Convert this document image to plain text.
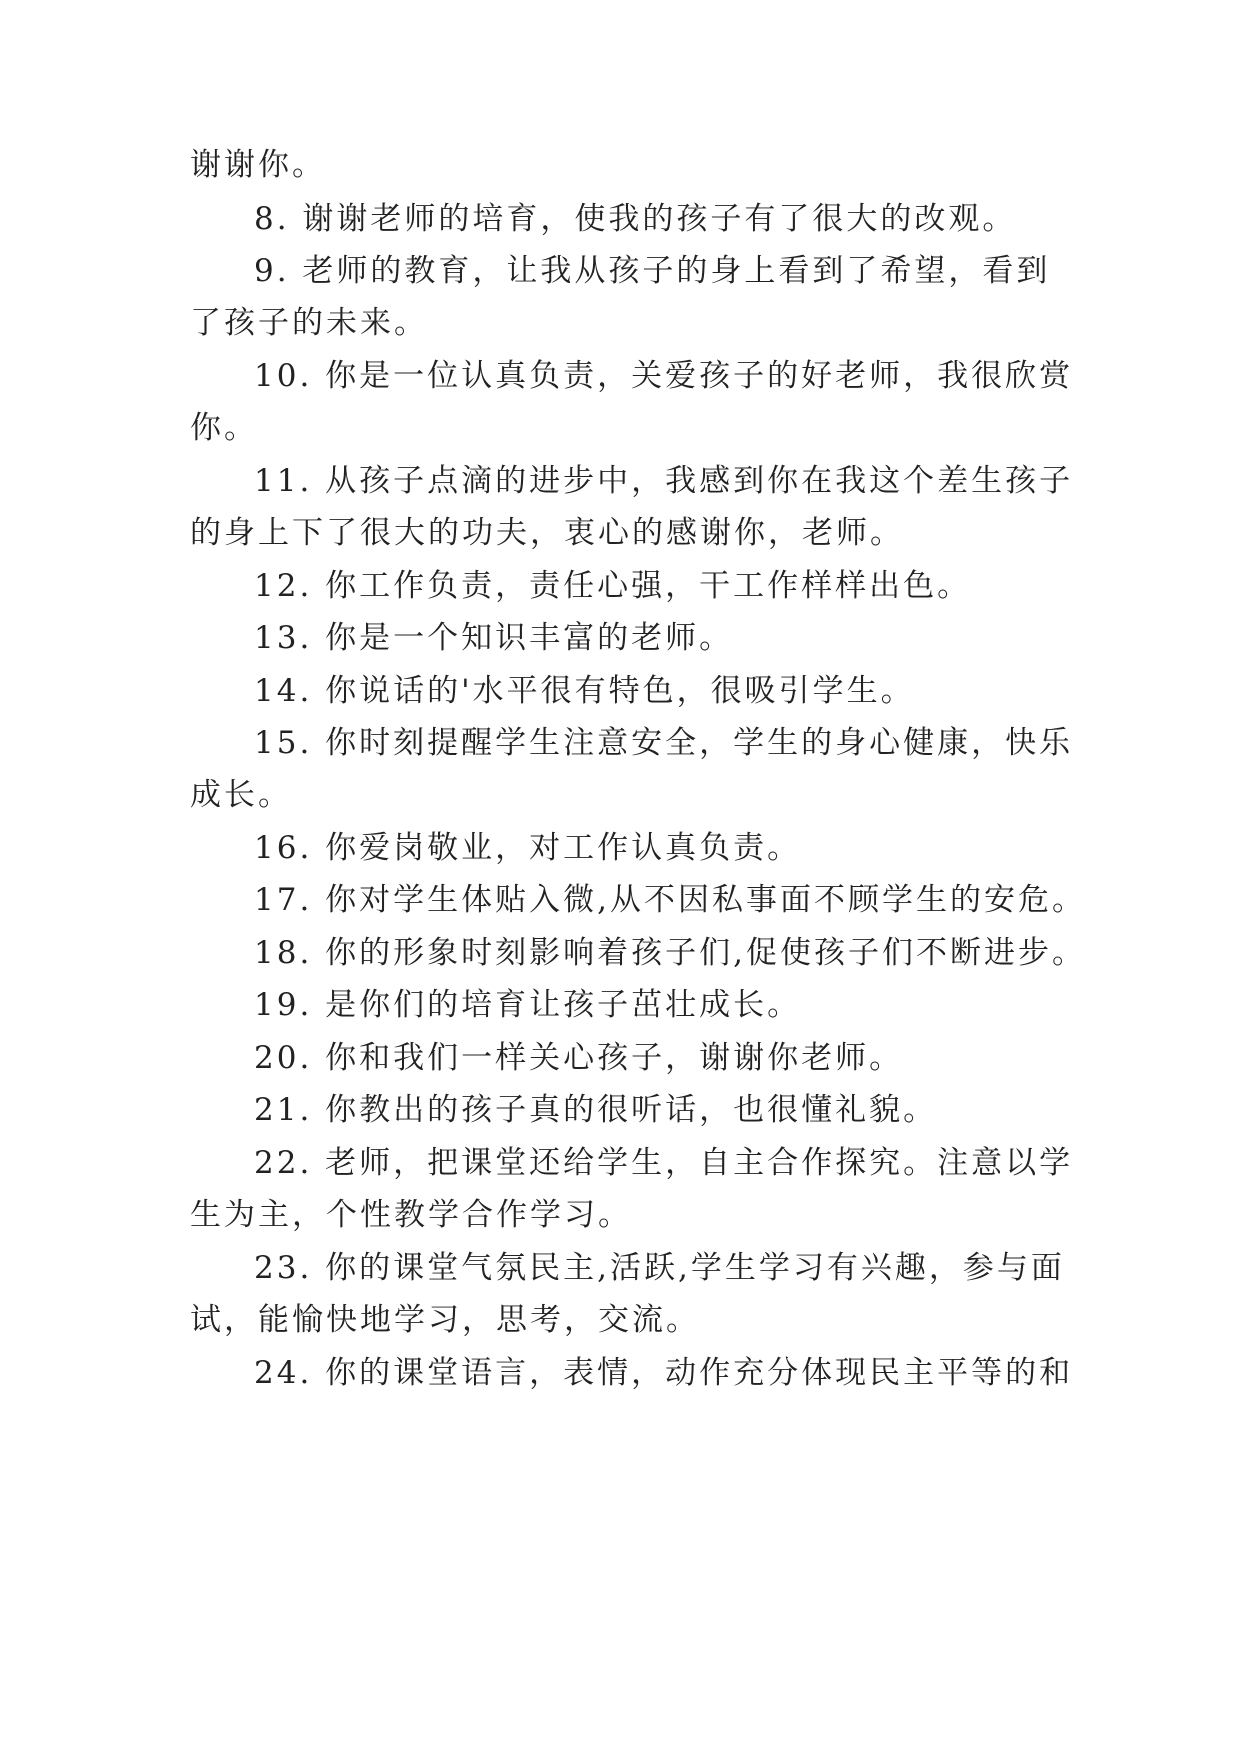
谢谢你。
8. 谢谢老师的培育，使我的孩子有了很大的改观。
9. 老师的教育，让我从孩子的身上看到了希望，看到
了孩子的未来。
10. 你是一位认真负责，关爱孩子的好老师，我很欣赏
你。
11. 从孩子点滴的进步中，我感到你在我这个差生孩子
的身上下了很大的功夫，衷心的感谢你，老师。
12. 你工作负责，责任心强，干工作样样出色。
13. 你是一个知识丰富的老师。
14. 你说话的'水平很有特色，很吸引学生。
15. 你时刻提醒学生注意安全，学生的身心健康，快乐
成长。
16. 你爱岗敬业，对工作认真负责。
17. 你对学生体贴入微,从不因私事面不顾学生的安危。
18. 你的形象时刻影响着孩子们,促使孩子们不断进步。
19. 是你们的培育让孩子茁壮成长。
20. 你和我们一样关心孩子，谢谢你老师。
21. 你教出的孩子真的很听话，也很懂礼貌。
22. 老师，把课堂还给学生，自主合作探究。注意以学
生为主，个性教学合作学习。
23. 你的课堂气氛民主,活跃,学生学习有兴趣，参与面
试，能愉快地学习，思考，交流。
24. 你的课堂语言，表情，动作充分体现民主平等的和
